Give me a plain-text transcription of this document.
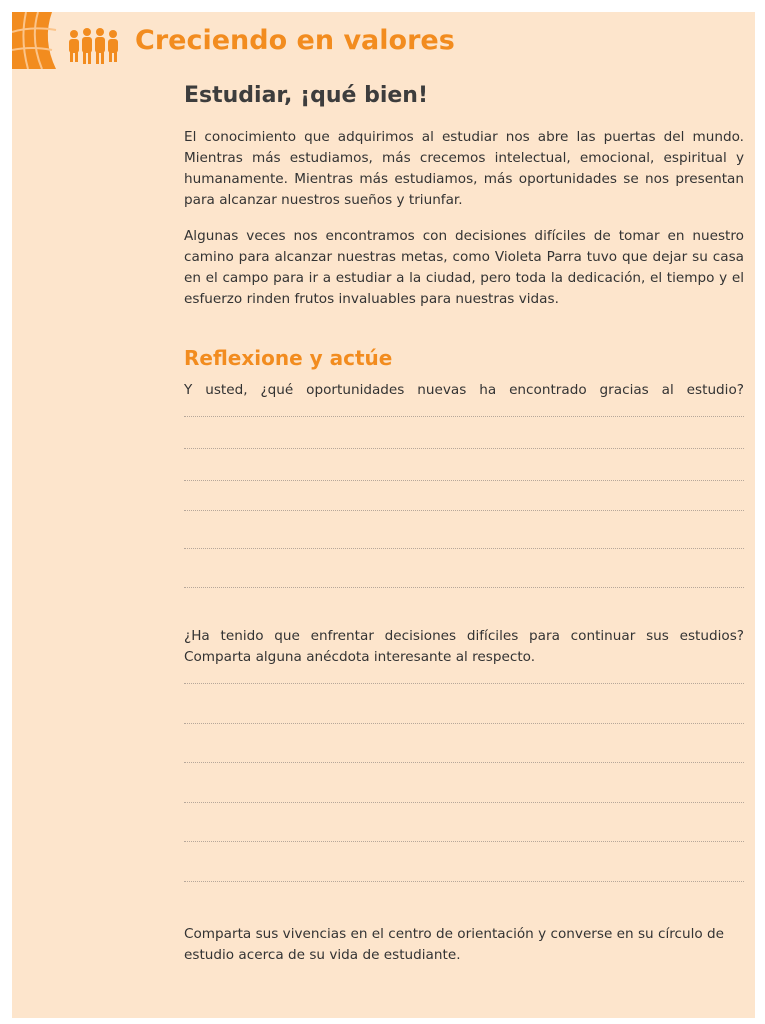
Creciendo en valores
Estudiar, ¡qué bien!

El conocimiento que adquirimos al estudiar nos abre las puertas del mundo. Mientras más estudiamos, más crecemos intelectual, emocional, espiritual y humanamente. Mientras más estudiamos, más oportunidades se nos presentan para alcanzar nuestros sueños y triunfar.

Algunas veces nos encontramos con decisiones difíciles de tomar en nuestro camino para alcanzar nuestras metas, como Violeta Parra tuvo que dejar su casa en el campo para ir a estudiar a la ciudad, pero toda la dedicación, el tiempo y el esfuerzo rinden frutos invaluables para nuestras vidas.

Reflexione y actúe

Y usted, ¿qué oportunidades nuevas ha encontrado gracias al estudio?

¿Ha tenido que enfrentar decisiones difíciles para continuar sus estudios? Comparta alguna anécdota interesante al respecto.

Comparta sus vivencias en el centro de orientación y converse en su círculo de estudio acerca de su vida de estudiante.
